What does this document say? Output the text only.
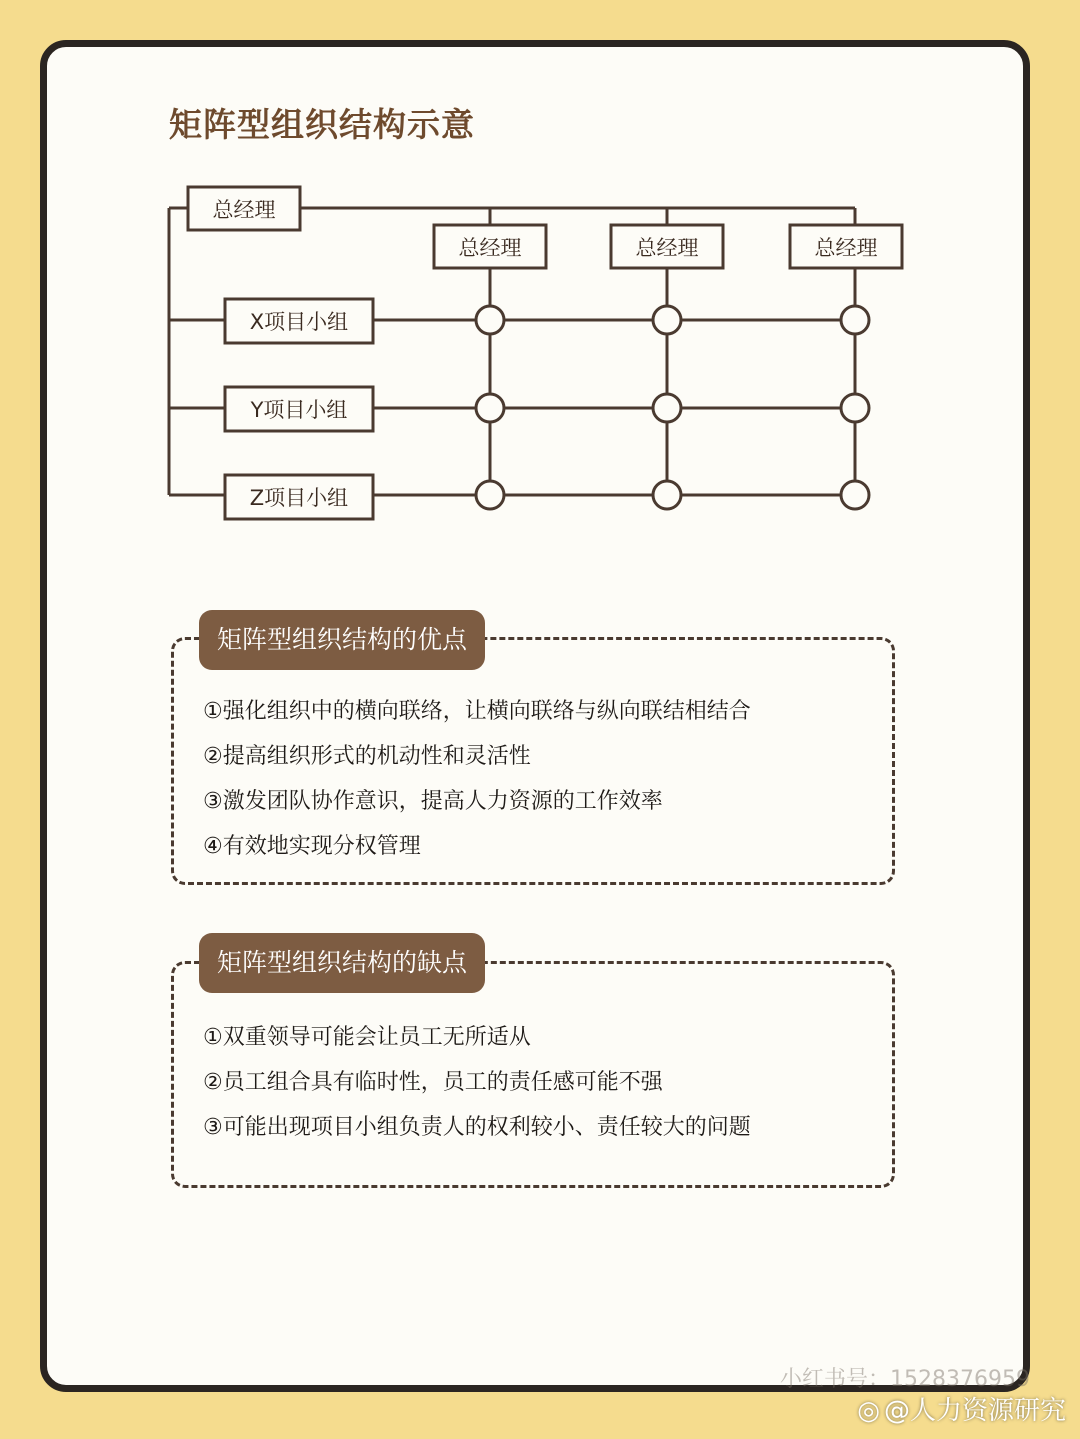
矩阵型组织结构示意
总经理
总经理	总经理	总经理
X项目小组
Y项目小组
Z项目小组
矩阵型组织结构的优点
①强化组织中的横向联络，让横向联络与纵向联结相结合
②提高组织形式的机动性和灵活性
③激发团队协作意识，提高人力资源的工作效率
④有效地实现分权管理
矩阵型组织结构的缺点
①双重领导可能会让员工无所适从
②员工组合具有临时性，员工的责任感可能不强
③可能出现项目小组负责人的权利较小、责任较大的问题
小红书号：1528376959
◎ @人力资源研究
